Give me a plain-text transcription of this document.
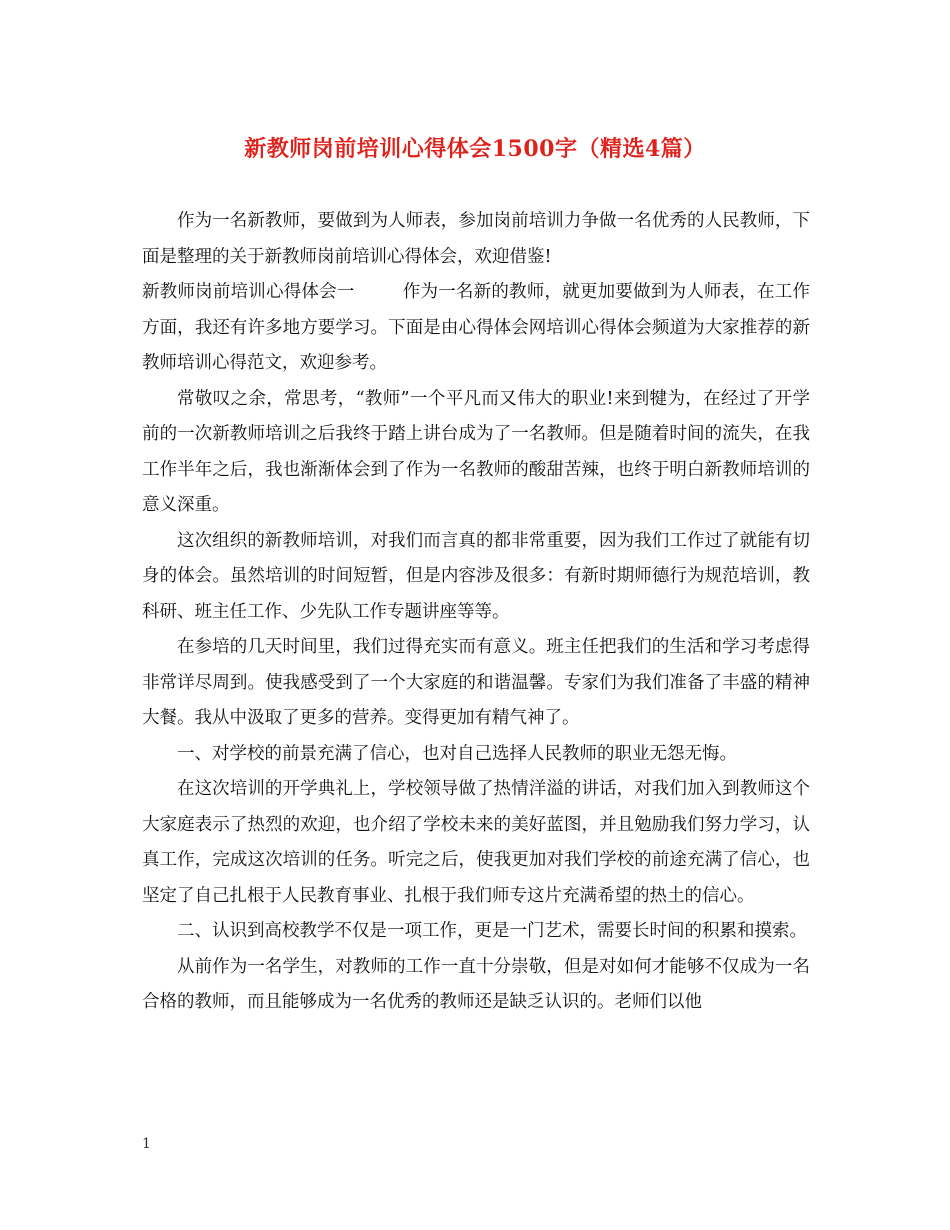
新教师岗前培训心得体会1500字（精选4篇）

作为一名新教师，要做到为人师表，参加岗前培训力争做一名优秀的人民教师，下面是整理的关于新教师岗前培训心得体会，欢迎借鉴!

新教师岗前培训心得体会一	作为一名新的教师，就更加要做到为人师表，在工作方面，我还有许多地方要学习。下面是由心得体会网培训心得体会频道为大家推荐的新教师培训心得范文，欢迎参考。

常敬叹之余，常思考，“教师”一个平凡而又伟大的职业!来到犍为，在经过了开学前的一次新教师培训之后我终于踏上讲台成为了一名教师。但是随着时间的流失，在我工作半年之后，我也渐渐体会到了作为一名教师的酸甜苦辣，也终于明白新教师培训的意义深重。

这次组织的新教师培训，对我们而言真的都非常重要，因为我们工作过了就能有切身的体会。虽然培训的时间短暂，但是内容涉及很多：有新时期师德行为规范培训，教科研、班主任工作、少先队工作专题讲座等等。

在参培的几天时间里，我们过得充实而有意义。班主任把我们的生活和学习考虑得非常详尽周到。使我感受到了一个大家庭的和谐温馨。专家们为我们准备了丰盛的精神大餐。我从中汲取了更多的营养。变得更加有精气神了。

一、对学校的前景充满了信心，也对自己选择人民教师的职业无怨无悔。

在这次培训的开学典礼上，学校领导做了热情洋溢的讲话，对我们加入到教师这个大家庭表示了热烈的欢迎，也介绍了学校未来的美好蓝图，并且勉励我们努力学习，认真工作，完成这次培训的任务。听完之后，使我更加对我们学校的前途充满了信心，也坚定了自己扎根于人民教育事业、扎根于我们师专这片充满希望的热土的信心。

二、认识到高校教学不仅是一项工作，更是一门艺术，需要长时间的积累和摸索。

从前作为一名学生，对教师的工作一直十分崇敬，但是对如何才能够不仅成为一名合格的教师，而且能够成为一名优秀的教师还是缺乏认识的。老师们以他

1
